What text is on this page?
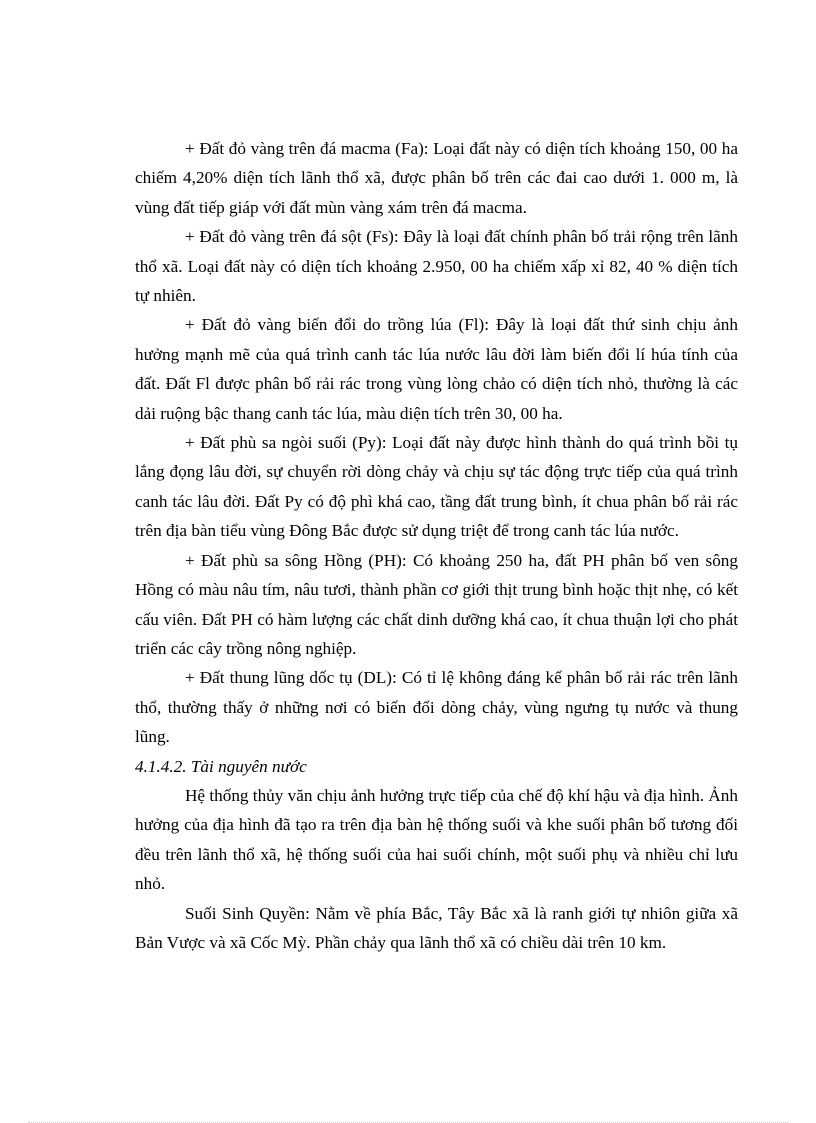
+ Đất đỏ vàng trên đá macma (Fa): Loại đất này có diện tích khoảng 150, 00 ha chiếm 4,20% diện tích lãnh thổ xã, được phân bố trên các đai cao dưới 1. 000 m, là vùng đất tiếp giáp với đất mùn vàng xám trên đá macma.

+ Đất đỏ vàng trên đá sột (Fs): Đây là loại đất chính phân bố trải rộng trên lãnh thổ xã. Loại đất này có diện tích khoảng 2.950, 00 ha chiếm xấp xỉ 82, 40 % diện tích tự nhiên.

+ Đất đỏ vàng biến đổi do trồng lúa (Fl): Đây là loại đất thứ sinh chịu ảnh hưởng mạnh mẽ của quá trình canh tác lúa nước lâu đời làm biến đổi lí húa tính của đất. Đất Fl được phân bố rải rác trong vùng lòng chảo có diện tích nhỏ, thường là các dải ruộng bậc thang canh tác lúa, màu diện tích trên 30, 00 ha.

+ Đất phù sa ngòi suối (Py): Loại đất này được hình thành do quá trình bồi tụ lắng đọng lâu đời, sự chuyển rời dòng chảy và chịu sự tác động trực tiếp của quá trình canh tác lâu đời. Đất Py có độ phì khá cao, tầng đất trung bình, ít chua phân bố rải rác trên địa bàn tiểu vùng Đông Bắc được sử dụng triệt để trong canh tác lúa nước.

+ Đất phù sa sông Hồng (PH): Có khoảng 250 ha, đất PH phân bố ven sông Hồng có màu nâu tím, nâu tươi, thành phần cơ giới thịt trung bình hoặc thịt nhẹ, có kết cấu viên. Đất PH có hàm lượng các chất dinh dưỡng khá cao, ít chua thuận lợi cho phát triển các cây trồng nông nghiệp.

+ Đất thung lũng dốc tụ (DL): Có tỉ lệ không đáng kể phân bố rải rác trên lãnh thổ, thường thấy ở những nơi có biến đổi dòng chảy, vùng ngưng tụ nước và thung lũng.

4.1.4.2. Tài nguyên nước

Hệ thống thủy văn chịu ảnh hưởng trực tiếp của chế độ khí hậu và địa hình. Ảnh hưởng của địa hình đã tạo ra trên địa bàn hệ thống suối và khe suối phân bố tương đối đều trên lãnh thổ xã, hệ thống suối của hai suối chính, một suối phụ và nhiều chỉ lưu nhỏ.

Suối Sinh Quyền: Nằm về phía Bắc, Tây Bắc xã là ranh giới tự nhiôn giữa xã Bản Vược và xã Cốc Mỳ. Phần chảy qua lãnh thổ xã có chiều dài trên 10 km.
